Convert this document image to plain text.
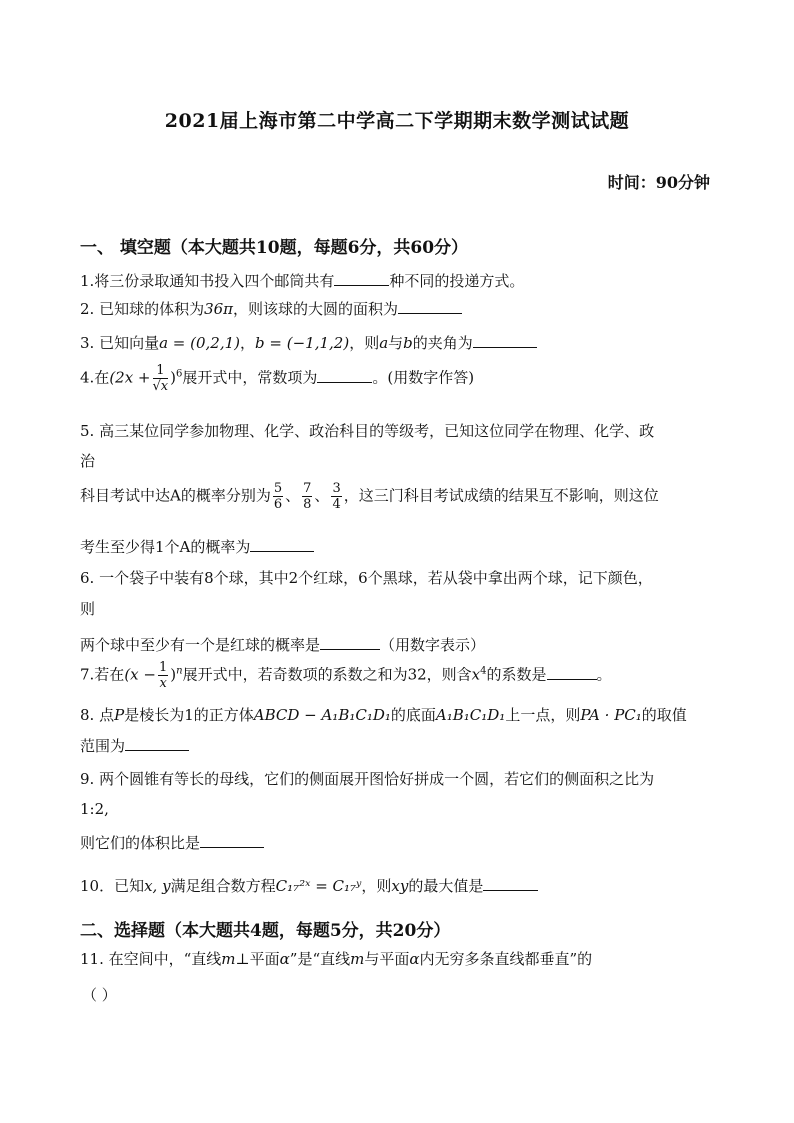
2021届上海市第二中学高二下学期期末数学测试试题
时间：90分钟
一、 填空题（本大题共10题，每题6分，共60分）
1.将三份录取通知书投入四个邮筒共有	种不同的投递方式。
2. 已知球的体积为36π，则该球的大圆的面积为
3. 已知向量a = (0,2,1)，b = (−1,1,2)，则a与b的夹角为
4.在$(2x + \frac{1}{√x} )^6$展开式中，常数项为	。(用数字作答)
5. 高三某位同学参加物理、化学、政治科目的等级考，已知这位同学在物理、化学、政
治
科目考试中达A的概率分别为 $\frac{5}{6}$ 、 $\frac{7}{8}$ 、 $\frac{3}{4}$ ，这三门科目考试成绩的结果互不影响，则这位
考生至少得1个A的概率为
6. 一个袋子中装有8个球，其中2个红球，6个黑球，若从袋中拿出两个球，记下颜色，
则
两个球中至少有一个是红球的概率是	（用数字表示）
7.若在$(x - \frac{1}{x} )^n$展开式中，若奇数项的系数之和为32，则含$x^4$的系数是	。
8. 点P是棱长为1的正方体ABCD − A₁B₁C₁D₁的底面A₁B₁C₁D₁上一点，则PA · PC₁的取值
范围为
9. 两个圆锥有等长的母线，它们的侧面展开图恰好拼成一个圆，若它们的侧面积之比为
1:2,
则它们的体积比是
10．已知x, y满足组合数方程C₁₇²ˣ = C₁₇ʸ，则xy的最大值是
二、选择题（本大题共4题，每题5分，共20分）
11. 在空间中，“直线m⊥平面α”是“直线m与平面α内无穷多条直线都垂直”的
（ ）
